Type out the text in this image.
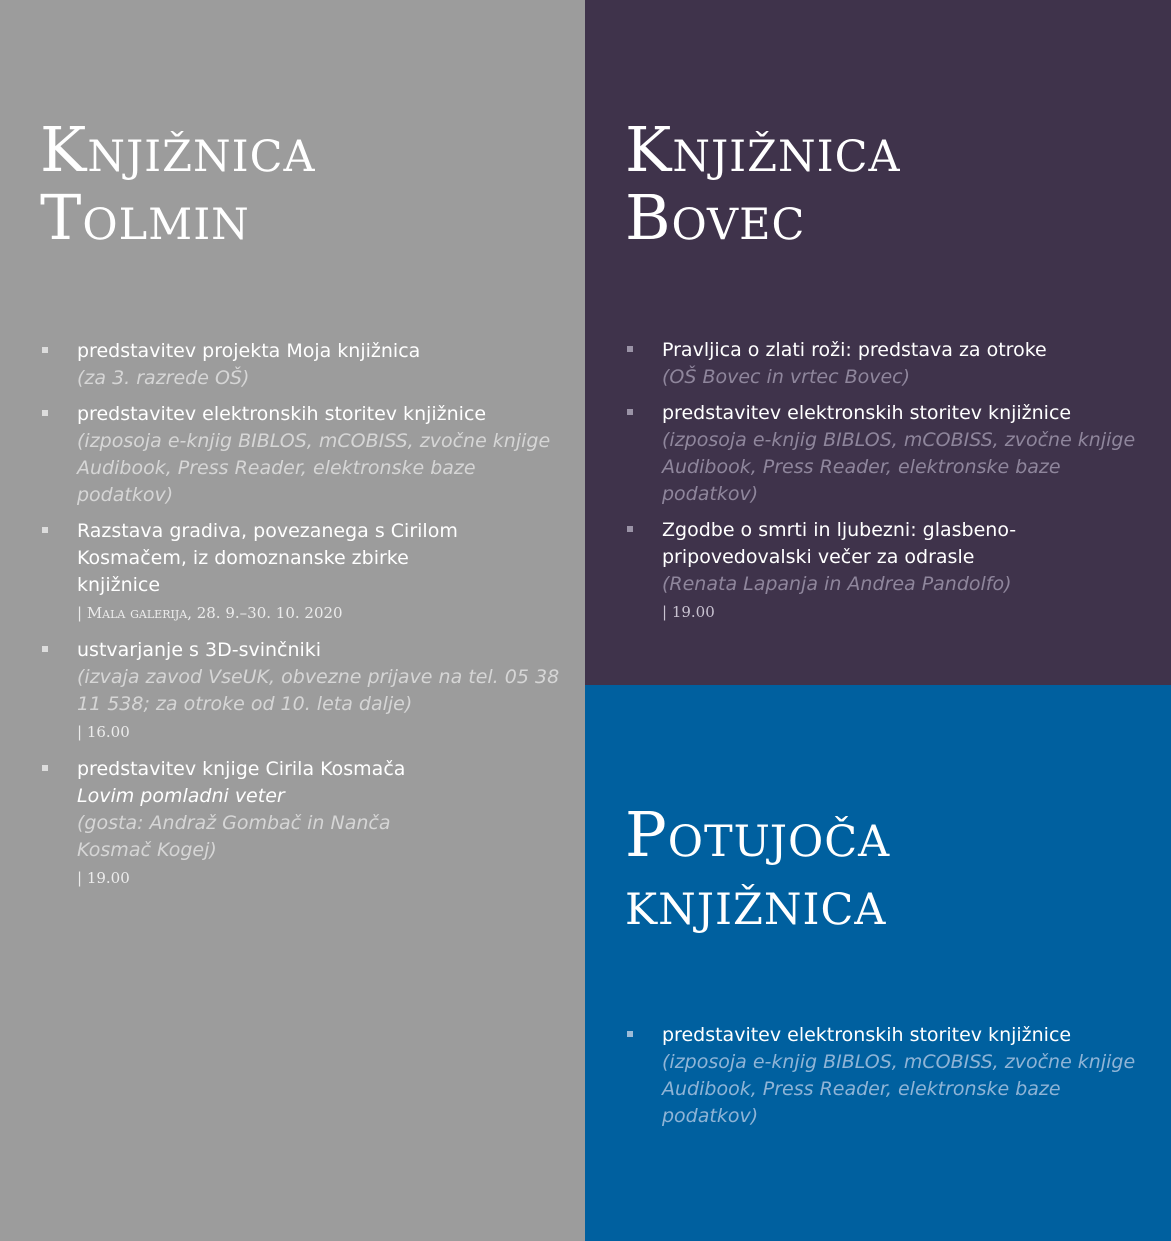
Knjižnica
Tolmin
predstavitev projekta Moja knjižnica
(za 3. razrede OŠ)
predstavitev elektronskih storitev knjižnice
(izposoja e-knjig BIBLOS, mCOBISS, zvočne knjige Audibook, Press Reader, elektronske baze podatkov)
Razstava gradiva, povezanega s Cirilom Kosmačem, iz domoznanske zbirke knjižnice
| Mala galerija, 28. 9.–30. 10. 2020
ustvarjanje s 3D-svinčniki
(izvaja zavod VseUK, obvezne prijave na tel. 05 38 11 538; za otroke od 10. leta dalje)
| 16.00
predstavitev knjige Cirila Kosmača
Lovim pomladni veter
(gosta: Andraž Gombač in Nanča Kosmač Kogej)
| 19.00
Knjižnica
Bovec
Pravljica o zlati roži: predstava za otroke
(OŠ Bovec in vrtec Bovec)
predstavitev elektronskih storitev knjižnice
(izposoja e-knjig BIBLOS, mCOBISS, zvočne knjige Audibook, Press Reader, elektronske baze podatkov)
Zgodbe o smrti in ljubezni: glasbeno-pripovedovalski večer za odrasle
(Renata Lapanja in Andrea Pandolfo)
| 19.00
Potujoča
knjižnica
predstavitev elektronskih storitev knjižnice
(izposoja e-knjig BIBLOS, mCOBISS, zvočne knjige Audibook, Press Reader, elektronske baze podatkov)
